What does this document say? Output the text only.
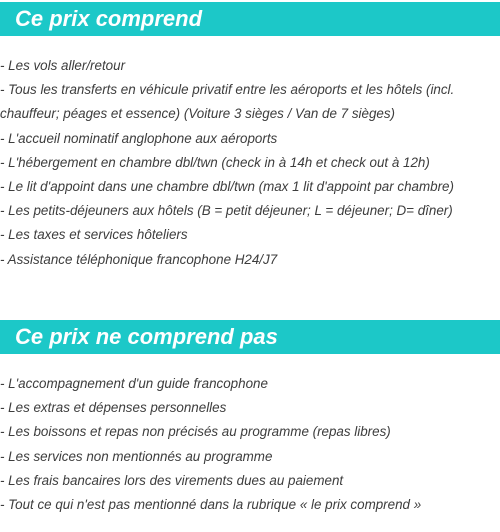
Ce prix comprend
- Les vols aller/retour
- Tous les transferts en véhicule privatif entre les aéroports et les hôtels (incl. chauffeur; péages et essence) (Voiture 3 sièges / Van de 7 sièges)
- L'accueil nominatif anglophone aux aéroports
- L'hébergement en chambre dbl/twn (check in à 14h et check out à 12h)
- Le lit d'appoint dans une chambre dbl/twn (max 1 lit d'appoint par chambre)
- Les petits-déjeuners aux hôtels (B = petit déjeuner; L = déjeuner; D= dîner)
- Les taxes et services hôteliers
- Assistance téléphonique francophone H24/J7
Ce prix ne comprend pas
- L'accompagnement d'un guide francophone
- Les extras et dépenses personnelles
- Les boissons et repas non précisés au programme (repas libres)
- Les services non mentionnés au programme
- Les frais bancaires lors des virements dues au paiement
- Tout ce qui n'est pas mentionné dans la rubrique « le prix comprend »
